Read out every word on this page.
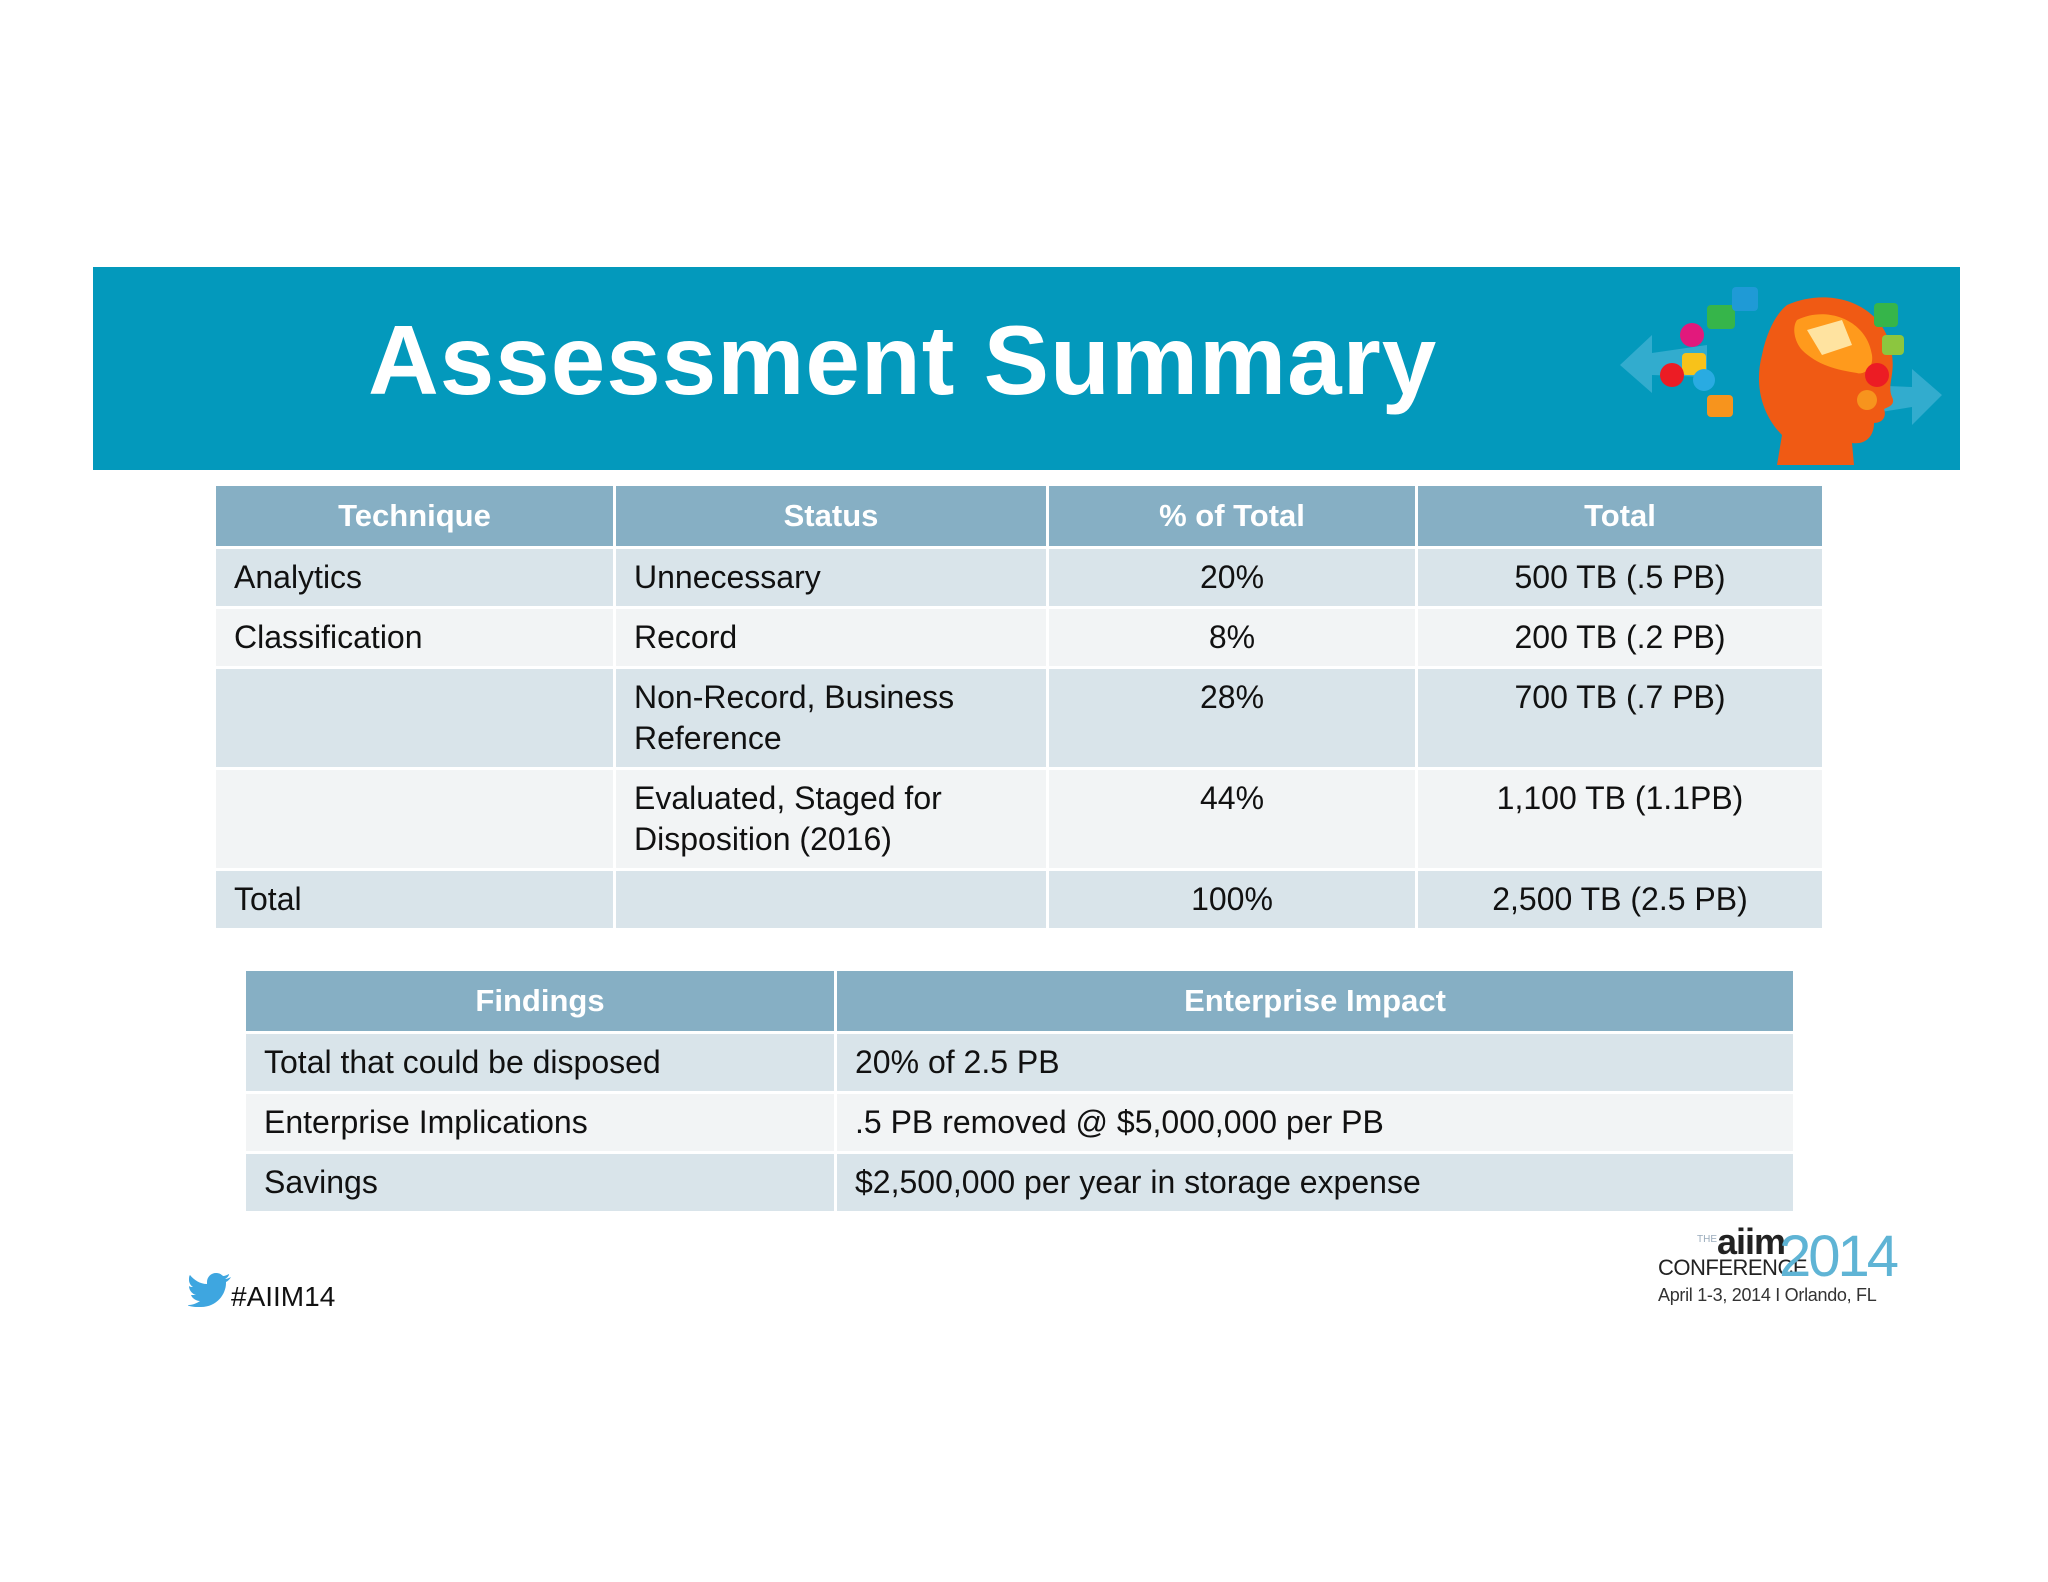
Assessment Summary
Technique	Status	% of Total	Total
Analytics	Unnecessary	20%	500 TB (.5 PB)
Classification	Record	8%	200 TB (.2 PB)
	Non-Record, Business Reference	28%	700 TB (.7 PB)
	Evaluated, Staged for Disposition (2016)	44%	1,100 TB (1.1PB)
Total		100%	2,500 TB (2.5 PB)
Findings	Enterprise Impact
Total that could be disposed	20% of 2.5 PB
Enterprise Implications	.5 PB removed @ $5,000,000 per PB
Savings	$2,500,000 per year in storage expense
#AIIM14
THE aiim
CONFERENCE
2014
April 1-3, 2014 I Orlando, FL
